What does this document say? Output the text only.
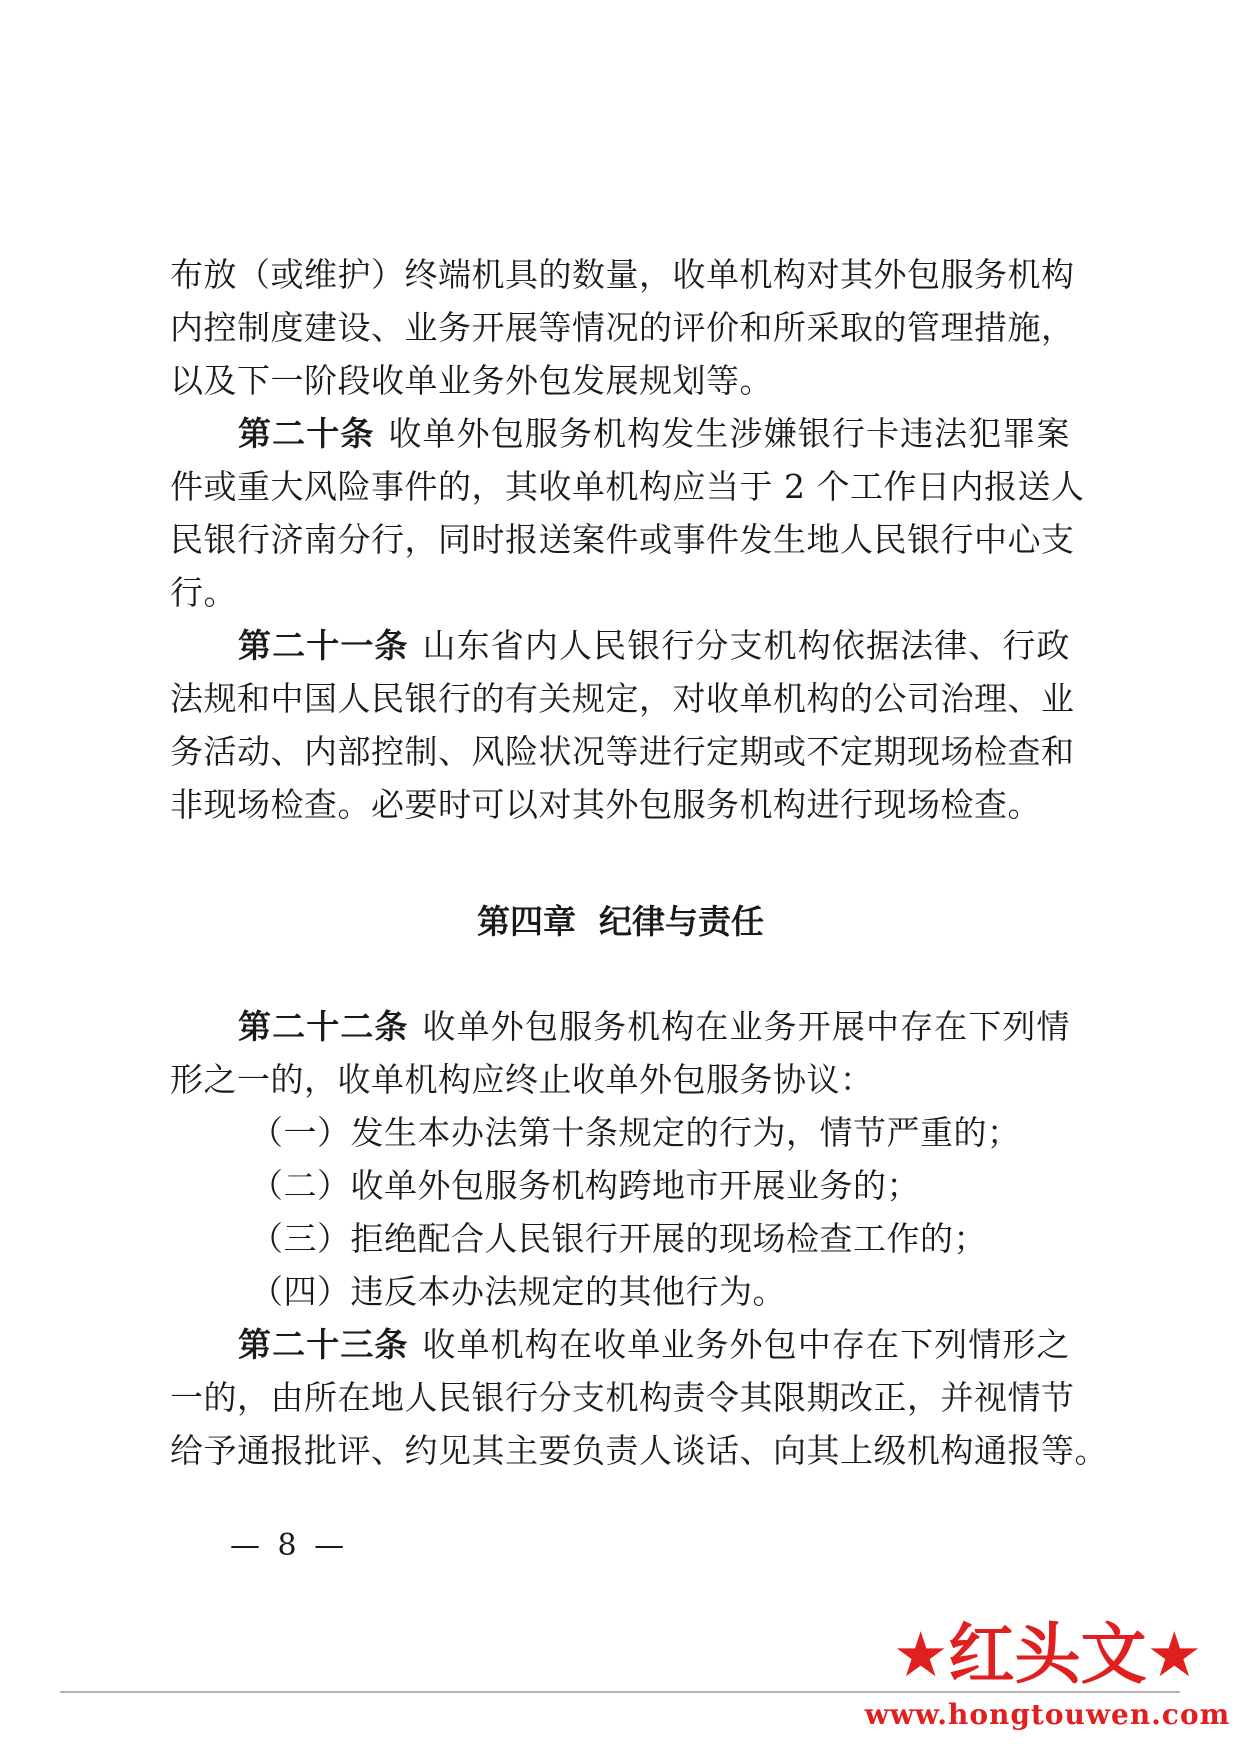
布放（或维护）终端机具的数量，收单机构对其外包服务机构
内控制度建设、业务开展等情况的评价和所采取的管理措施，
以及下一阶段收单业务外包发展规划等。
第二十条 收单外包服务机构发生涉嫌银行卡违法犯罪案
件或重大风险事件的，其收单机构应当于 2 个工作日内报送人
民银行济南分行，同时报送案件或事件发生地人民银行中心支
行。
第二十一条 山东省内人民银行分支机构依据法律、行政
法规和中国人民银行的有关规定，对收单机构的公司治理、业
务活动、内部控制、风险状况等进行定期或不定期现场检查和
非现场检查。必要时可以对其外包服务机构进行现场检查。
第四章  纪律与责任
第二十二条 收单外包服务机构在业务开展中存在下列情
形之一的，收单机构应终止收单外包服务协议：
（一）发生本办法第十条规定的行为，情节严重的；
（二）收单外包服务机构跨地市开展业务的；
（三）拒绝配合人民银行开展的现场检查工作的；
（四）违反本办法规定的其他行为。
第二十三条 收单机构在收单业务外包中存在下列情形之
一的，由所在地人民银行分支机构责令其限期改正，并视情节
给予通报批评、约见其主要负责人谈话、向其上级机构通报等。
— 8 —
★红头文★
www.hongtouwen.com
